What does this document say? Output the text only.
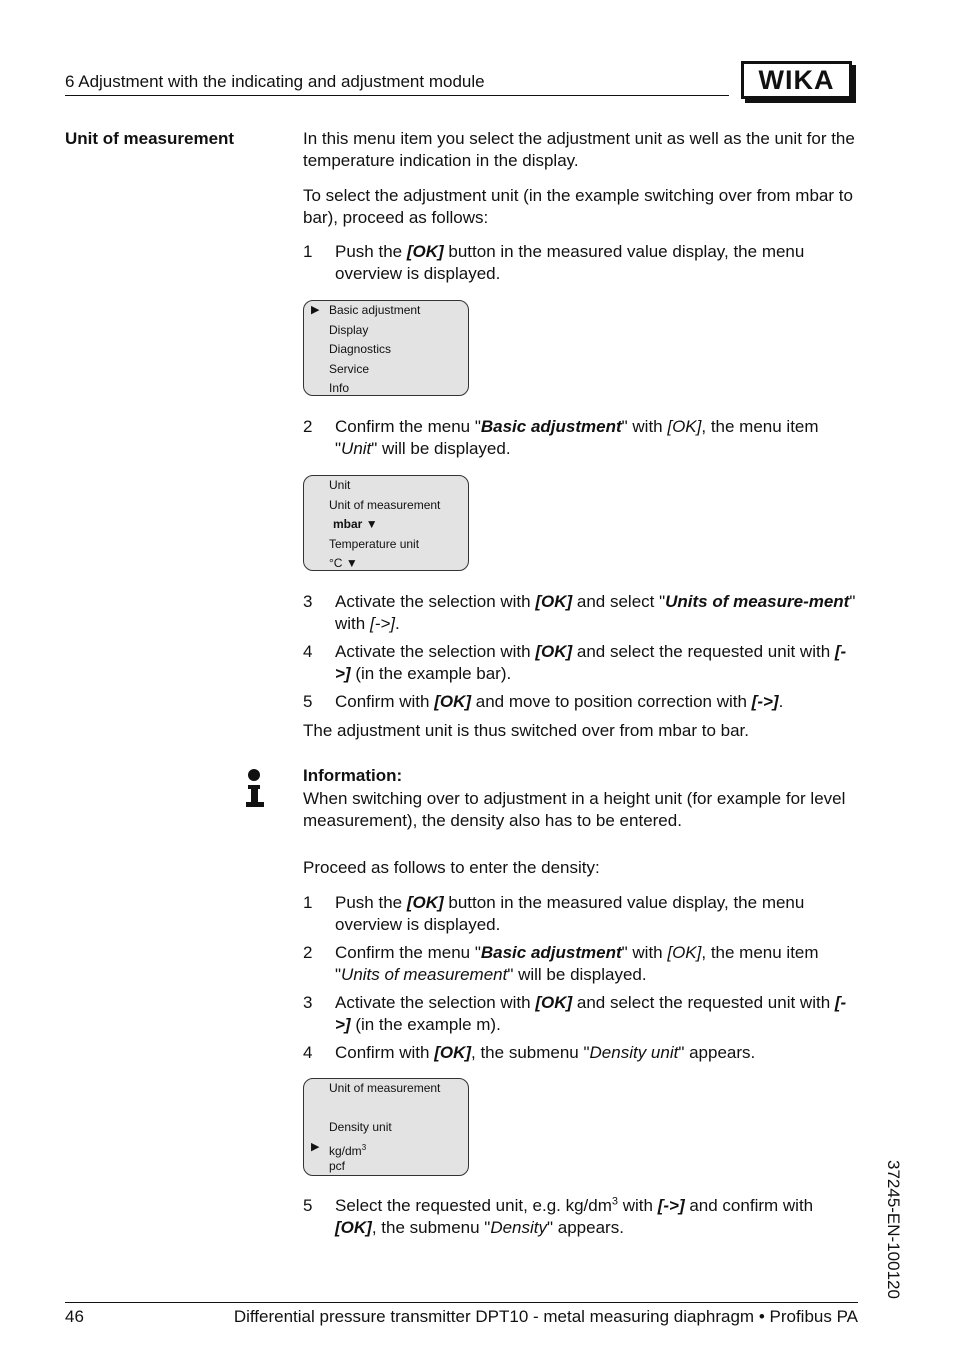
6 Adjustment with the indicating and adjustment module	WIKA
Unit of measurement	In this menu item you select the adjustment unit as well as the unit for the temperature indication in the display.
To select the adjustment unit (in the example switching over from mbar to bar), proceed as follows:
1	Push the [OK] button in the measured value display, the menu overview is displayed.
▶ Basic adjustment
Display
Diagnostics
Service
Info
2	Confirm the menu "Basic adjustment" with [OK], the menu item "Unit" will be displayed.
Unit
Unit of measurement
mbar ▼
Temperature unit
°C ▼
3	Activate the selection with [OK] and select "Units of measure-ment" with [->].
4	Activate the selection with [OK] and select the requested unit with [->] (in the example bar).
5	Confirm with [OK] and move to position correction with [->].
The adjustment unit is thus switched over from mbar to bar.
Information:
When switching over to adjustment in a height unit (for example for level measurement), the density also has to be entered.
Proceed as follows to enter the density:
1	Push the [OK] button in the measured value display, the menu overview is displayed.
2	Confirm the menu "Basic adjustment" with [OK], the menu item "Units of measurement" will be displayed.
3	Activate the selection with [OK] and select the requested unit with [->] (in the example m).
4	Confirm with [OK], the submenu "Density unit" appears.
Unit of measurement
Density unit
▶ $kg/dm^3$
pcf
5	Select the requested unit, e.g. $kg/dm^3$ with [->] and confirm with [OK], the submenu "Density" appears.	37245-EN-100120
46	Differential pressure transmitter DPT10 - metal measuring diaphragm • Profibus PA
